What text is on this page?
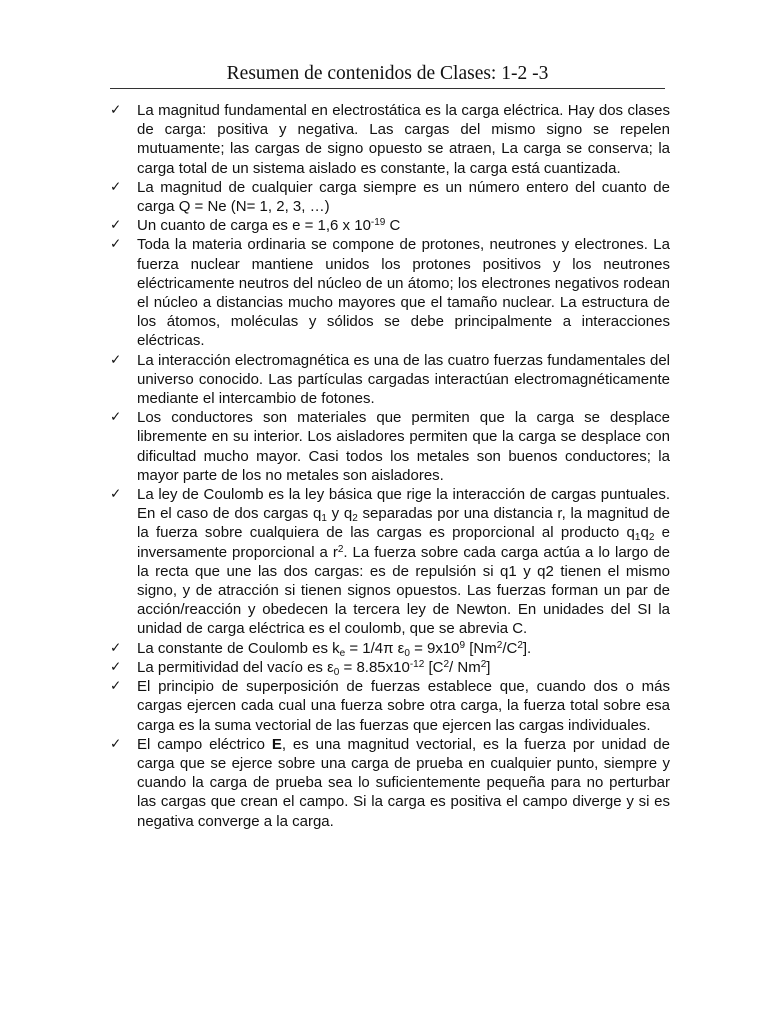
Resumen de contenidos de Clases: 1-2 -3
✓ La magnitud fundamental en electrostática es la carga eléctrica. Hay dos clases de carga: positiva y negativa. Las cargas del mismo signo se repelen mutuamente; las cargas de signo opuesto se atraen, La carga se conserva; la carga total de un sistema aislado es constante, la carga está cuantizada.
✓ La magnitud de cualquier carga siempre es un número entero del cuanto de carga Q = Ne (N= 1, 2, 3, …)
✓ Un cuanto de carga es e = 1,6 x $10^{-19}$ C
✓ Toda la materia ordinaria se compone de protones, neutrones y electrones. La fuerza nuclear mantiene unidos los protones positivos y los neutrones eléctricamente neutros del núcleo de un átomo; los electrones negativos rodean el núcleo a distancias mucho mayores que el tamaño nuclear. La estructura de los átomos, moléculas y sólidos se debe principalmente a interacciones eléctricas.
✓ La interacción electromagnética es una de las cuatro fuerzas fundamentales del universo conocido. Las partículas cargadas interactúan electromagnéticamente mediante el intercambio de fotones.
✓ Los conductores son materiales que permiten que la carga se desplace libremente en su interior. Los aisladores permiten que la carga se desplace con dificultad mucho mayor. Casi todos los metales son buenos conductores; la mayor parte de los no metales son aisladores.
✓ La ley de Coulomb es la ley básica que rige la interacción de cargas puntuales. En el caso de dos cargas $q_1$ y $q_2$ separadas por una distancia r, la magnitud de la fuerza sobre cualquiera de las cargas es proporcional al producto $q_1q_2$ e inversamente proporcional a $r^2$. La fuerza sobre cada carga actúa a lo largo de la recta que une las dos cargas: es de repulsión si q1 y q2 tienen el mismo signo, y de atracción si tienen signos opuestos. Las fuerzas forman un par de acción/reacción y obedecen la tercera ley de Newton. En unidades del SI la unidad de carga eléctrica es el coulomb, que se abrevia C.
✓ La constante de Coulomb es $k_e = 1/4\pi$ $\varepsilon_0 = 9x10^9$ $[Nm^2/C^2]$.
✓ La permitividad del vacío es $\varepsilon_0 = 8.85x10^{-12}$ [$C^2/$ Nm$^2$]
✓ El principio de superposición de fuerzas establece que, cuando dos o más cargas ejercen cada cual una fuerza sobre otra carga, la fuerza total sobre esa carga es la suma vectorial de las fuerzas que ejercen las cargas individuales.
✓ El campo eléctrico E, es una magnitud vectorial, es la fuerza por unidad de carga que se ejerce sobre una carga de prueba en cualquier punto, siempre y cuando la carga de prueba sea lo suficientemente pequeña para no perturbar las cargas que crean el campo. Si la carga es positiva el campo diverge y si es negativa converge a la carga.
